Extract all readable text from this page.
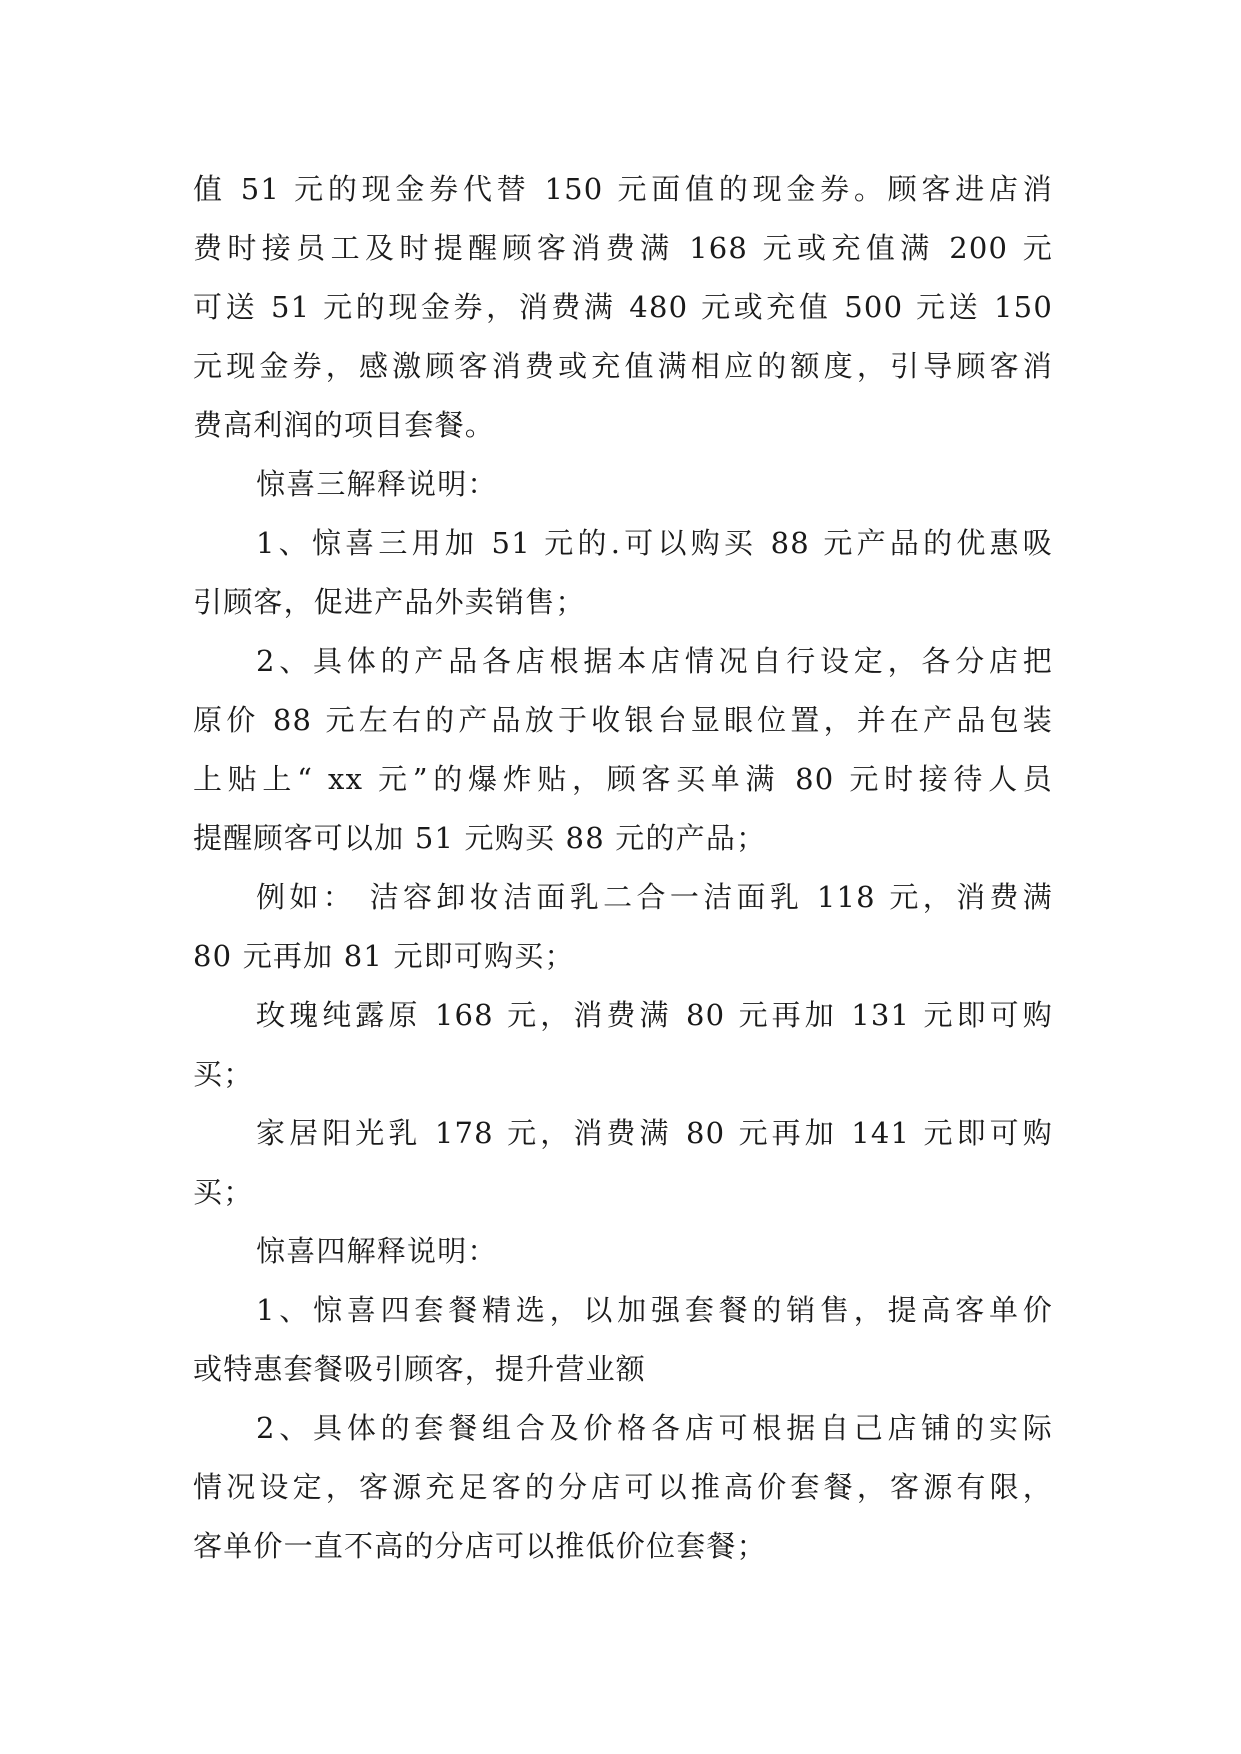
值 51 元的现金券代替 150 元面值的现金券。顾客进店消
费时接员工及时提醒顾客消费满 168 元或充值满 200 元
可送 51 元的现金券，消费满 480 元或充值 500 元送 150
元现金券，感激顾客消费或充值满相应的额度，引导顾客消
费高利润的项目套餐。

惊喜三解释说明：

1、惊喜三用加 51 元的.可以购买 88 元产品的优惠吸
引顾客，促进产品外卖销售；

2、具体的产品各店根据本店情况自行设定，各分店把
原价 88 元左右的产品放于收银台显眼位置，并在产品包装
上贴上“ xx 元”的爆炸贴，顾客买单满 80 元时接待人员
提醒顾客可以加 51 元购买 88 元的产品；

例如： 洁容卸妆洁面乳二合一洁面乳 118 元，消费满
80 元再加 81 元即可购买；

玫瑰纯露原 168 元，消费满 80 元再加 131 元即可购
买；

家居阳光乳 178 元，消费满 80 元再加 141 元即可购
买；

惊喜四解释说明：

1、惊喜四套餐精选，以加强套餐的销售，提高客单价
或特惠套餐吸引顾客，提升营业额

2、具体的套餐组合及价格各店可根据自己店铺的实际
情况设定，客源充足客的分店可以推高价套餐，客源有限，
客单价一直不高的分店可以推低价位套餐；
